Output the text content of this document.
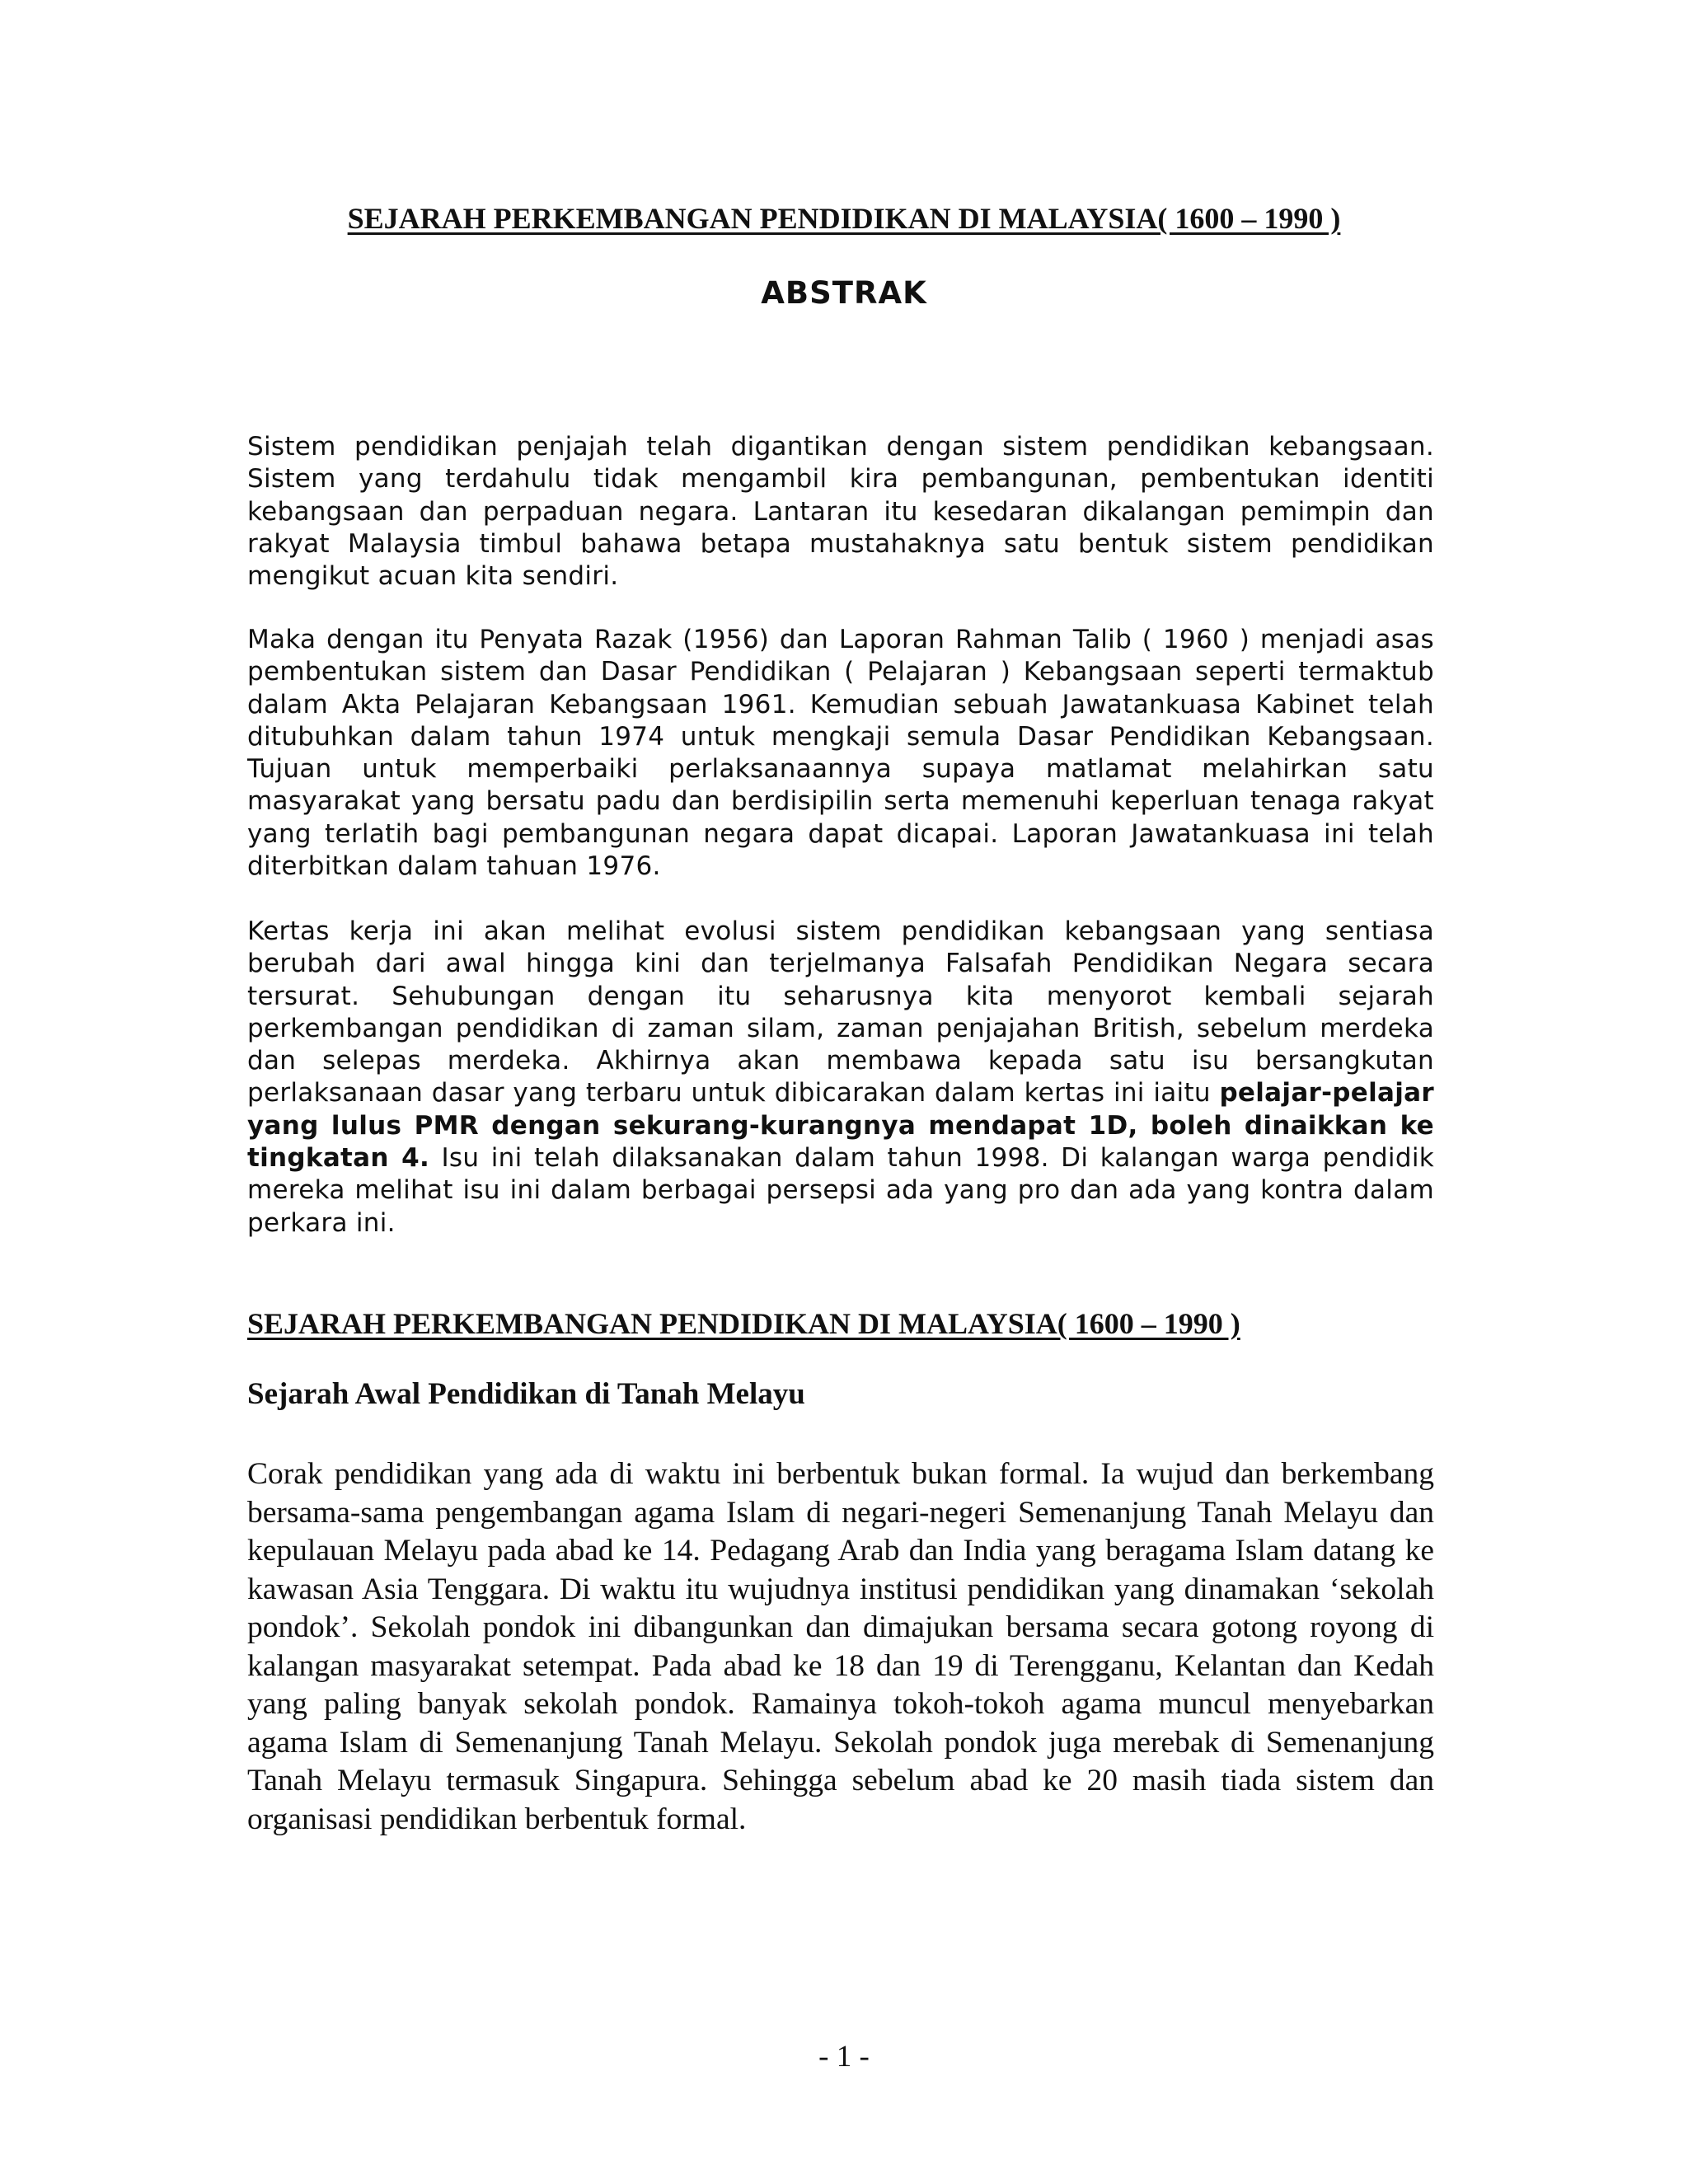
SEJARAH PERKEMBANGAN PENDIDIKAN DI MALAYSIA( 1600 – 1990 )
ABSTRAK

Sistem pendidikan penjajah telah digantikan dengan sistem pendidikan kebangsaan. Sistem yang terdahulu tidak mengambil kira pembangunan, pembentukan identiti kebangsaan dan perpaduan negara. Lantaran itu kesedaran dikalangan pemimpin dan rakyat Malaysia timbul bahawa betapa mustahaknya satu bentuk sistem pendidikan mengikut acuan kita sendiri.

Maka dengan itu Penyata Razak (1956) dan Laporan Rahman Talib ( 1960 ) menjadi asas pembentukan sistem dan Dasar Pendidikan ( Pelajaran ) Kebangsaan seperti termaktub dalam Akta Pelajaran Kebangsaan 1961. Kemudian sebuah Jawatankuasa Kabinet telah ditubuhkan dalam tahun 1974 untuk mengkaji semula Dasar Pendidikan Kebangsaan. Tujuan untuk memperbaiki perlaksanaannya supaya matlamat melahirkan satu masyarakat yang bersatu padu dan berdisipilin serta memenuhi keperluan tenaga rakyat yang terlatih bagi pembangunan negara dapat dicapai. Laporan Jawatankuasa ini telah diterbitkan dalam tahuan 1976.

Kertas kerja ini akan melihat evolusi sistem pendidikan kebangsaan yang sentiasa berubah dari awal hingga kini dan terjelmanya Falsafah Pendidikan Negara secara tersurat. Sehubungan dengan itu seharusnya kita menyorot kembali sejarah perkembangan pendidikan di zaman silam, zaman penjajahan British, sebelum merdeka dan selepas merdeka. Akhirnya akan membawa kepada satu isu bersangkutan perlaksanaan dasar yang terbaru untuk dibicarakan dalam kertas ini iaitu pelajar-pelajar yang lulus PMR dengan sekurang-kurangnya mendapat 1D, boleh dinaikkan ke tingkatan 4. Isu ini telah dilaksanakan dalam tahun 1998. Di kalangan warga pendidik mereka melihat isu ini dalam berbagai persepsi ada yang pro dan ada yang kontra dalam perkara ini.

SEJARAH PERKEMBANGAN PENDIDIKAN DI MALAYSIA( 1600 – 1990 )
Sejarah Awal Pendidikan di Tanah Melayu

Corak pendidikan yang ada di waktu ini berbentuk bukan formal. Ia wujud dan berkembang bersama-sama pengembangan agama Islam di negari-negeri Semenanjung Tanah Melayu dan kepulauan Melayu pada abad ke 14. Pedagang Arab dan India yang beragama Islam datang ke kawasan Asia Tenggara. Di waktu itu wujudnya institusi pendidikan yang dinamakan ‘sekolah pondok’. Sekolah pondok ini dibangunkan dan dimajukan bersama secara gotong royong di kalangan masyarakat setempat. Pada abad ke 18 dan 19 di Terengganu, Kelantan dan Kedah yang paling banyak sekolah pondok. Ramainya tokoh-tokoh agama muncul menyebarkan agama Islam di Semenanjung Tanah Melayu. Sekolah pondok juga merebak di Semenanjung Tanah Melayu termasuk Singapura. Sehingga sebelum abad ke 20 masih tiada sistem dan organisasi pendidikan berbentuk formal.

- 1 -
